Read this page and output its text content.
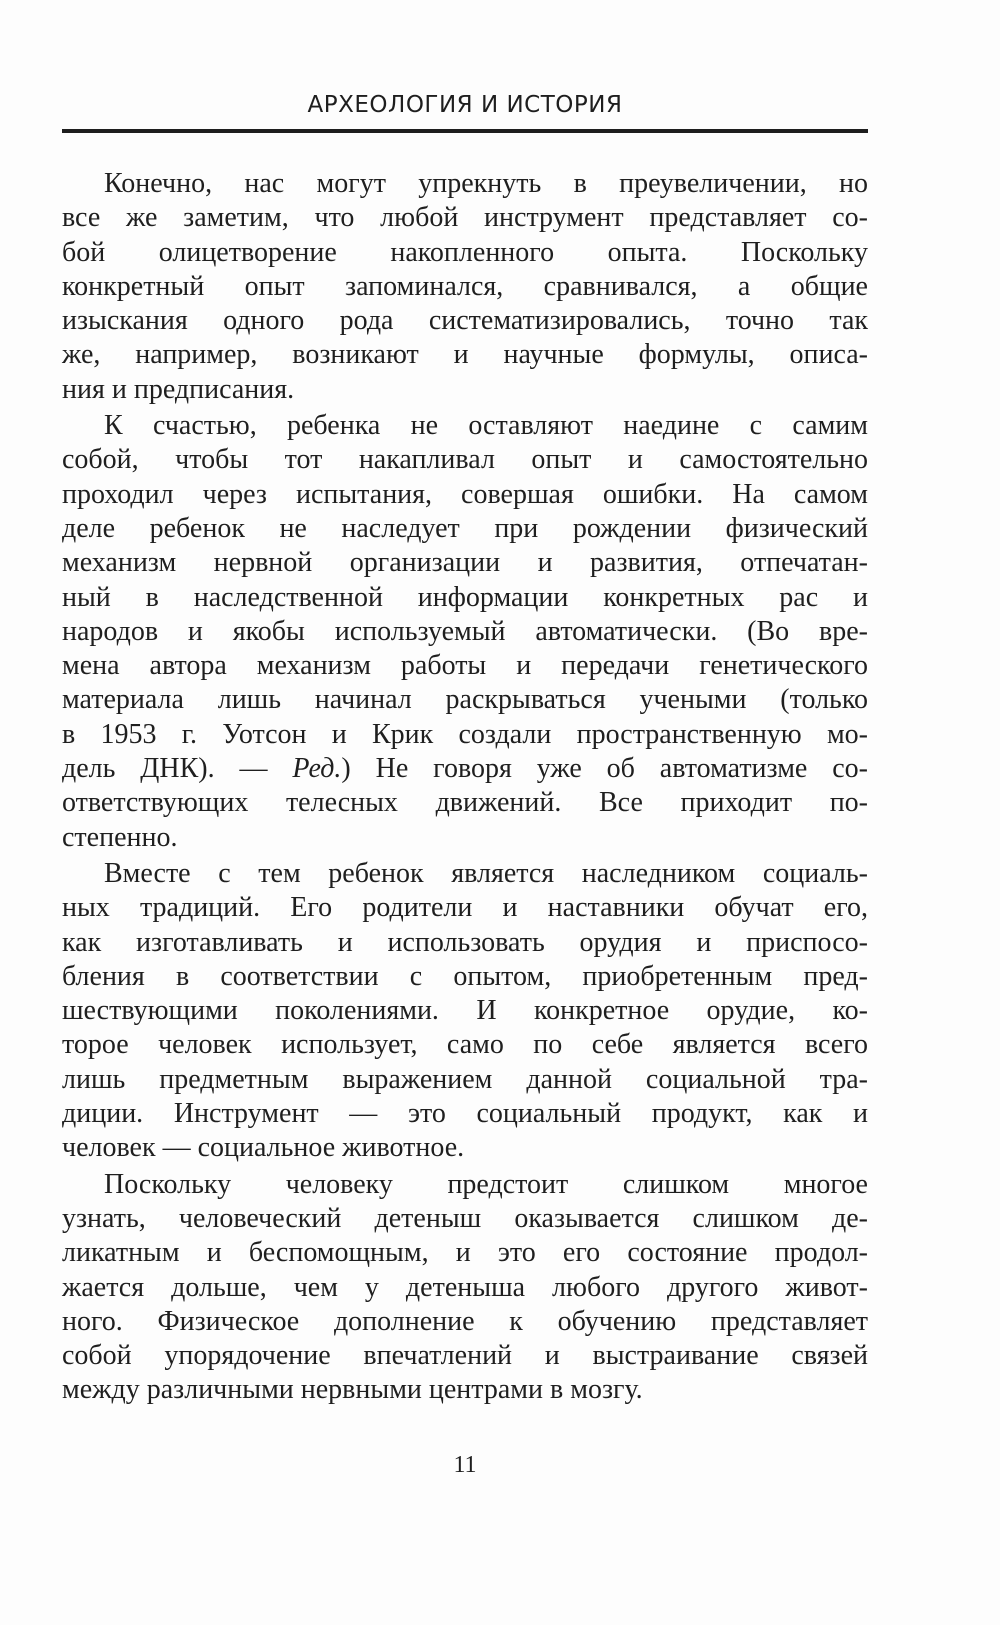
АРХЕОЛОГИЯ И ИСТОРИЯ

Конечно, нас могут упрекнуть в преувеличении, но
все же заметим, что любой инструмент представляет со-
бой олицетворение накопленного опыта. Поскольку
конкретный опыт запоминался, сравнивался, а общие
изыскания одного рода систематизировались, точно так
же, например, возникают и научные формулы, описа-
ния и предписания.

К счастью, ребенка не оставляют наедине с самим
собой, чтобы тот накапливал опыт и самостоятельно
проходил через испытания, совершая ошибки. На самом
деле ребенок не наследует при рождении физический
механизм нервной организации и развития, отпечатан-
ный в наследственной информации конкретных рас и
народов и якобы используемый автоматически. (Во вре-
мена автора механизм работы и передачи генетического
материала лишь начинал раскрываться учеными (только
в 1953 г. Уотсон и Крик создали пространственную мо-
дель ДНК). — Ред.) Не говоря уже об автоматизме со-
ответствующих телесных движений. Все приходит по-
степенно.

Вместе с тем ребенок является наследником социаль-
ных традиций. Его родители и наставники обучат его,
как изготавливать и использовать орудия и приспосо-
бления в соответствии с опытом, приобретенным пред-
шествующими поколениями. И конкретное орудие, ко-
торое человек использует, само по себе является всего
лишь предметным выражением данной социальной тра-
диции. Инструмент — это социальный продукт, как и
человек — социальное животное.

Поскольку человеку предстоит слишком многое
узнать, человеческий детеныш оказывается слишком де-
ликатным и беспомощным, и это его состояние продол-
жается дольше, чем у детеныша любого другого живот-
ного. Физическое дополнение к обучению представляет
собой упорядочение впечатлений и выстраивание связей
между различными нервными центрами в мозгу.

11
